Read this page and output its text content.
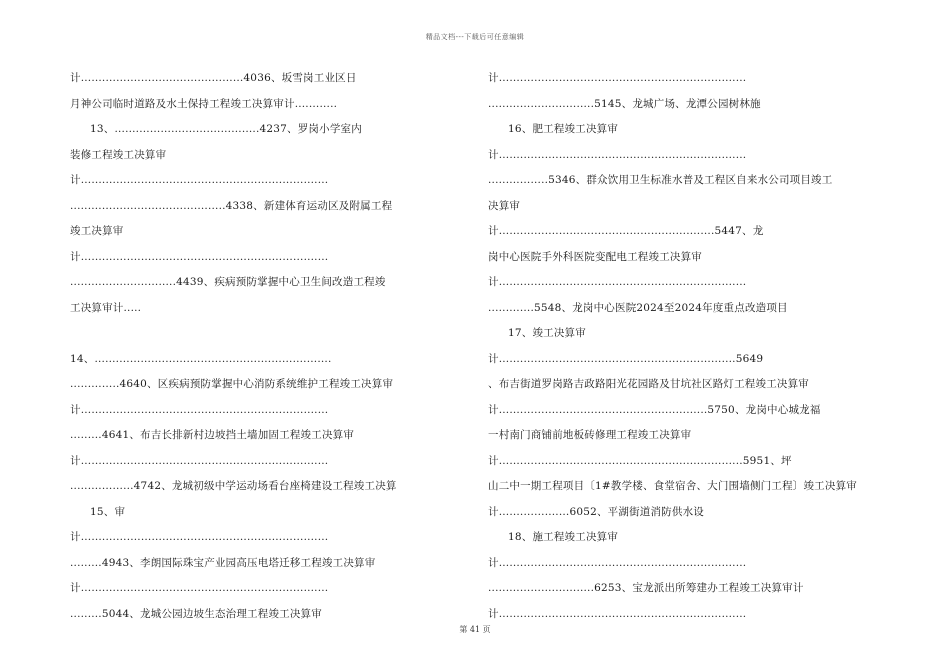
精品文档---下载后可任意编辑
计..............................................4036、坂雪岗工业区日
月神公司临时道路及水土保持工程竣工决算审计............
13、.........................................4237、罗岗小学室内
装修工程竣工决算审
计......................................................................
............................................4338、新建体育运动区及附属工程
竣工决算审
计......................................................................
..............................4439、疾病预防掌握中心卫生间改造工程竣
工决算审计.....
14、...................................................................
..............4640、区疾病预防掌握中心消防系统维护工程竣工决算审
计......................................................................
.........4641、布吉长排新村边坡挡土墙加固工程竣工决算审
计......................................................................
..................4742、龙城初级中学运动场看台座椅建设工程竣工决算
15、审
计......................................................................
.........4943、李朗国际珠宝产业园高压电塔迁移工程竣工决算审
计......................................................................
.........5044、龙城公园边坡生态治理工程竣工决算审
计......................................................................
..............................5145、龙城广场、龙潭公园树林施
16、肥工程竣工决算审
计......................................................................
.................5346、群众饮用卫生标准水普及工程区自来水公司项目竣工
决算审
计.............................................................5447、龙
岗中心医院手外科医院变配电工程竣工决算审
计......................................................................
.............5548、龙岗中心医院2024至2024年度重点改造项目
17、竣工决算审
计...................................................................5649
、布吉街道罗岗路吉政路阳光花园路及甘坑社区路灯工程竣工决算审
计...........................................................5750、龙岗中心城龙福
一村南门商铺前地板砖修理工程竣工决算审
计.....................................................................5951、坪
山二中一期工程项目〔1#教学楼、食堂宿舍、大门围墙侧门工程〕竣工决算审
计....................6052、平湖街道消防供水设
18、施工程竣工决算审
计......................................................................
..............................6253、宝龙派出所筹建办工程竣工决算审计
计......................................................................
第 41 页
